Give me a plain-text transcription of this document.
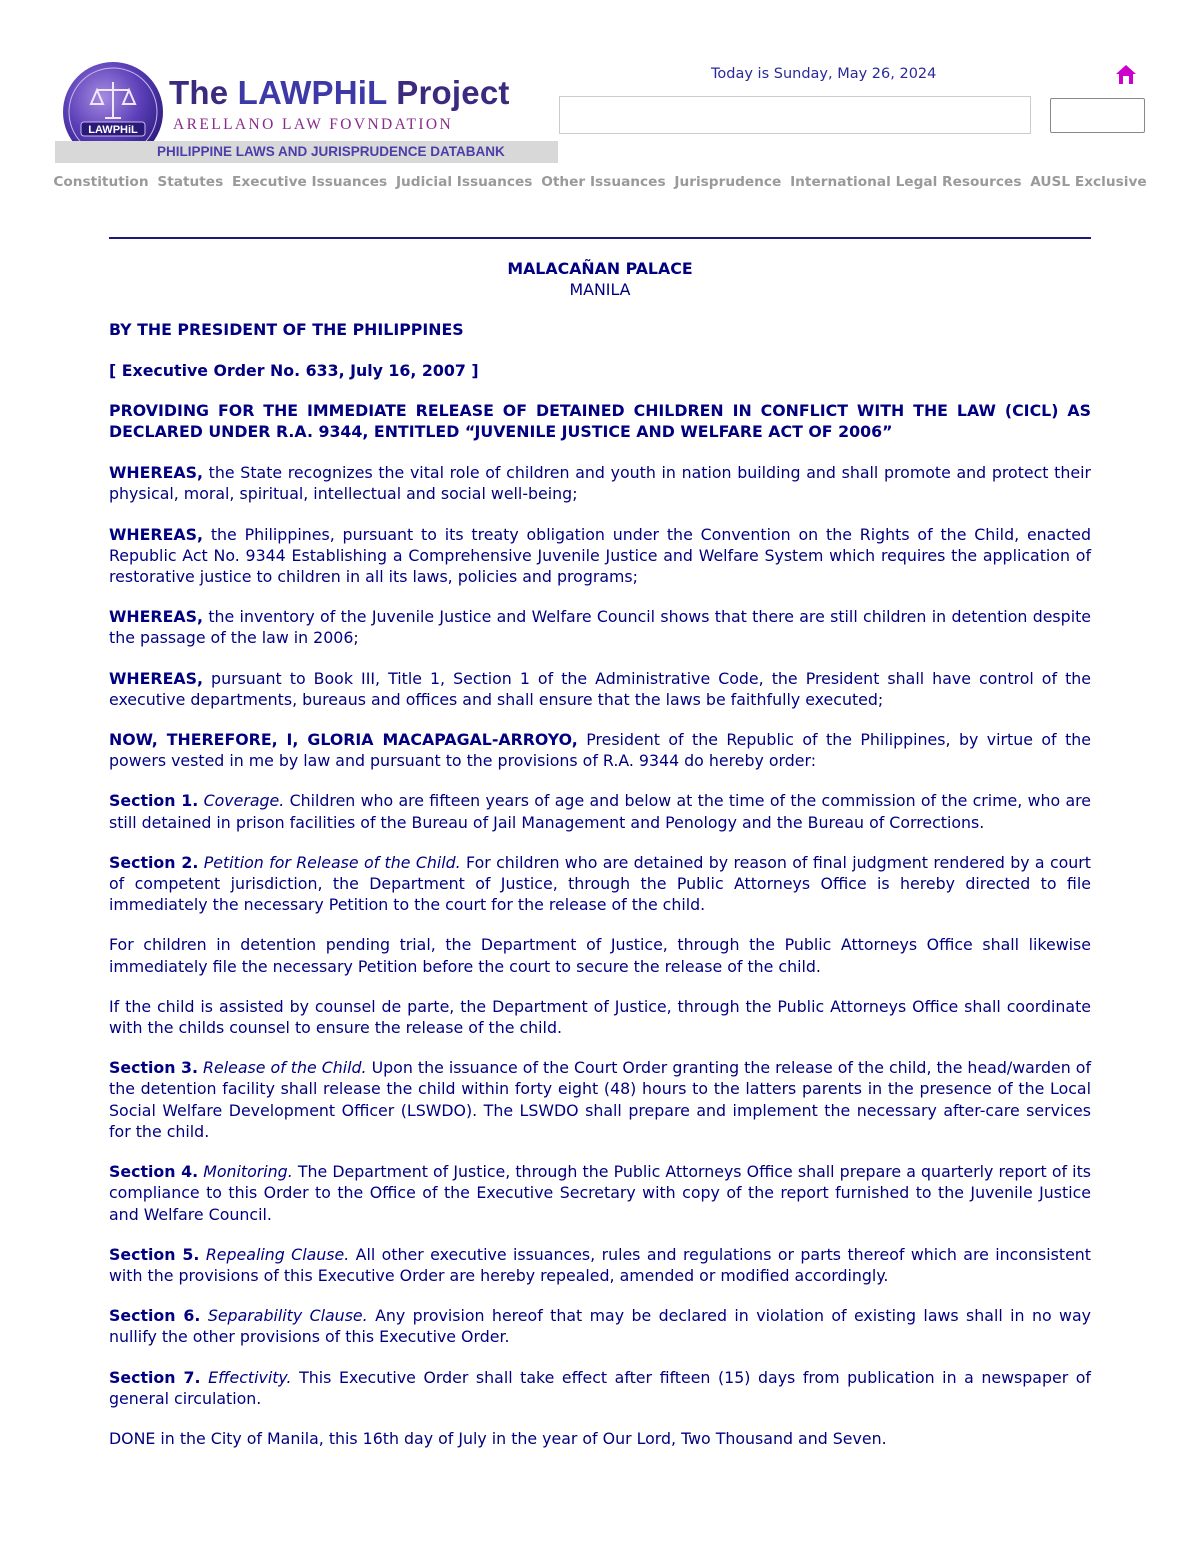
LAWPHiL
The LAWPHiL Project
ARELLANO LAW FOVNDATION
PHILIPPINE LAWS AND JURISPRUDENCE DATABANK
Today is Sunday, May 26, 2024
Constitution Statutes Executive Issuances Judicial Issuances Other Issuances Jurisprudence International Legal Resources AUSL Exclusive
MALACAÑAN PALACE
MANILA

BY THE PRESIDENT OF THE PHILIPPINES

[ Executive Order No. 633, July 16, 2007 ]

PROVIDING FOR THE IMMEDIATE RELEASE OF DETAINED CHILDREN IN CONFLICT WITH THE LAW (CICL) AS DECLARED UNDER R.A. 9344, ENTITLED “JUVENILE JUSTICE AND WELFARE ACT OF 2006”

WHEREAS, the State recognizes the vital role of children and youth in nation building and shall promote and protect their physical, moral, spiritual, intellectual and social well-being;

WHEREAS, the Philippines, pursuant to its treaty obligation under the Convention on the Rights of the Child, enacted Republic Act No. 9344 Establishing a Comprehensive Juvenile Justice and Welfare System which requires the application of restorative justice to children in all its laws, policies and programs;

WHEREAS, the inventory of the Juvenile Justice and Welfare Council shows that there are still children in detention despite the passage of the law in 2006;

WHEREAS, pursuant to Book III, Title 1, Section 1 of the Administrative Code, the President shall have control of the executive departments, bureaus and offices and shall ensure that the laws be faithfully executed;

NOW, THEREFORE, I, GLORIA MACAPAGAL-ARROYO, President of the Republic of the Philippines, by virtue of the powers vested in me by law and pursuant to the provisions of R.A. 9344 do hereby order:

Section 1. Coverage. Children who are fifteen years of age and below at the time of the commission of the crime, who are still detained in prison facilities of the Bureau of Jail Management and Penology and the Bureau of Corrections.

Section 2. Petition for Release of the Child. For children who are detained by reason of final judgment rendered by a court of competent jurisdiction, the Department of Justice, through the Public Attorneys Office is hereby directed to file immediately the necessary Petition to the court for the release of the child.

For children in detention pending trial, the Department of Justice, through the Public Attorneys Office shall likewise immediately file the necessary Petition before the court to secure the release of the child.

If the child is assisted by counsel de parte, the Department of Justice, through the Public Attorneys Office shall coordinate with the childs counsel to ensure the release of the child.

Section 3. Release of the Child. Upon the issuance of the Court Order granting the release of the child, the head/warden of the detention facility shall release the child within forty eight (48) hours to the latters parents in the presence of the Local Social Welfare Development Officer (LSWDO). The LSWDO shall prepare and implement the necessary after-care services for the child.

Section 4. Monitoring. The Department of Justice, through the Public Attorneys Office shall prepare a quarterly report of its compliance to this Order to the Office of the Executive Secretary with copy of the report furnished to the Juvenile Justice and Welfare Council.

Section 5. Repealing Clause. All other executive issuances, rules and regulations or parts thereof which are inconsistent with the provisions of this Executive Order are hereby repealed, amended or modified accordingly.

Section 6. Separability Clause. Any provision hereof that may be declared in violation of existing laws shall in no way nullify the other provisions of this Executive Order.

Section 7. Effectivity. This Executive Order shall take effect after fifteen (15) days from publication in a newspaper of general circulation.

DONE in the City of Manila, this 16th day of July in the year of Our Lord, Two Thousand and Seven.
